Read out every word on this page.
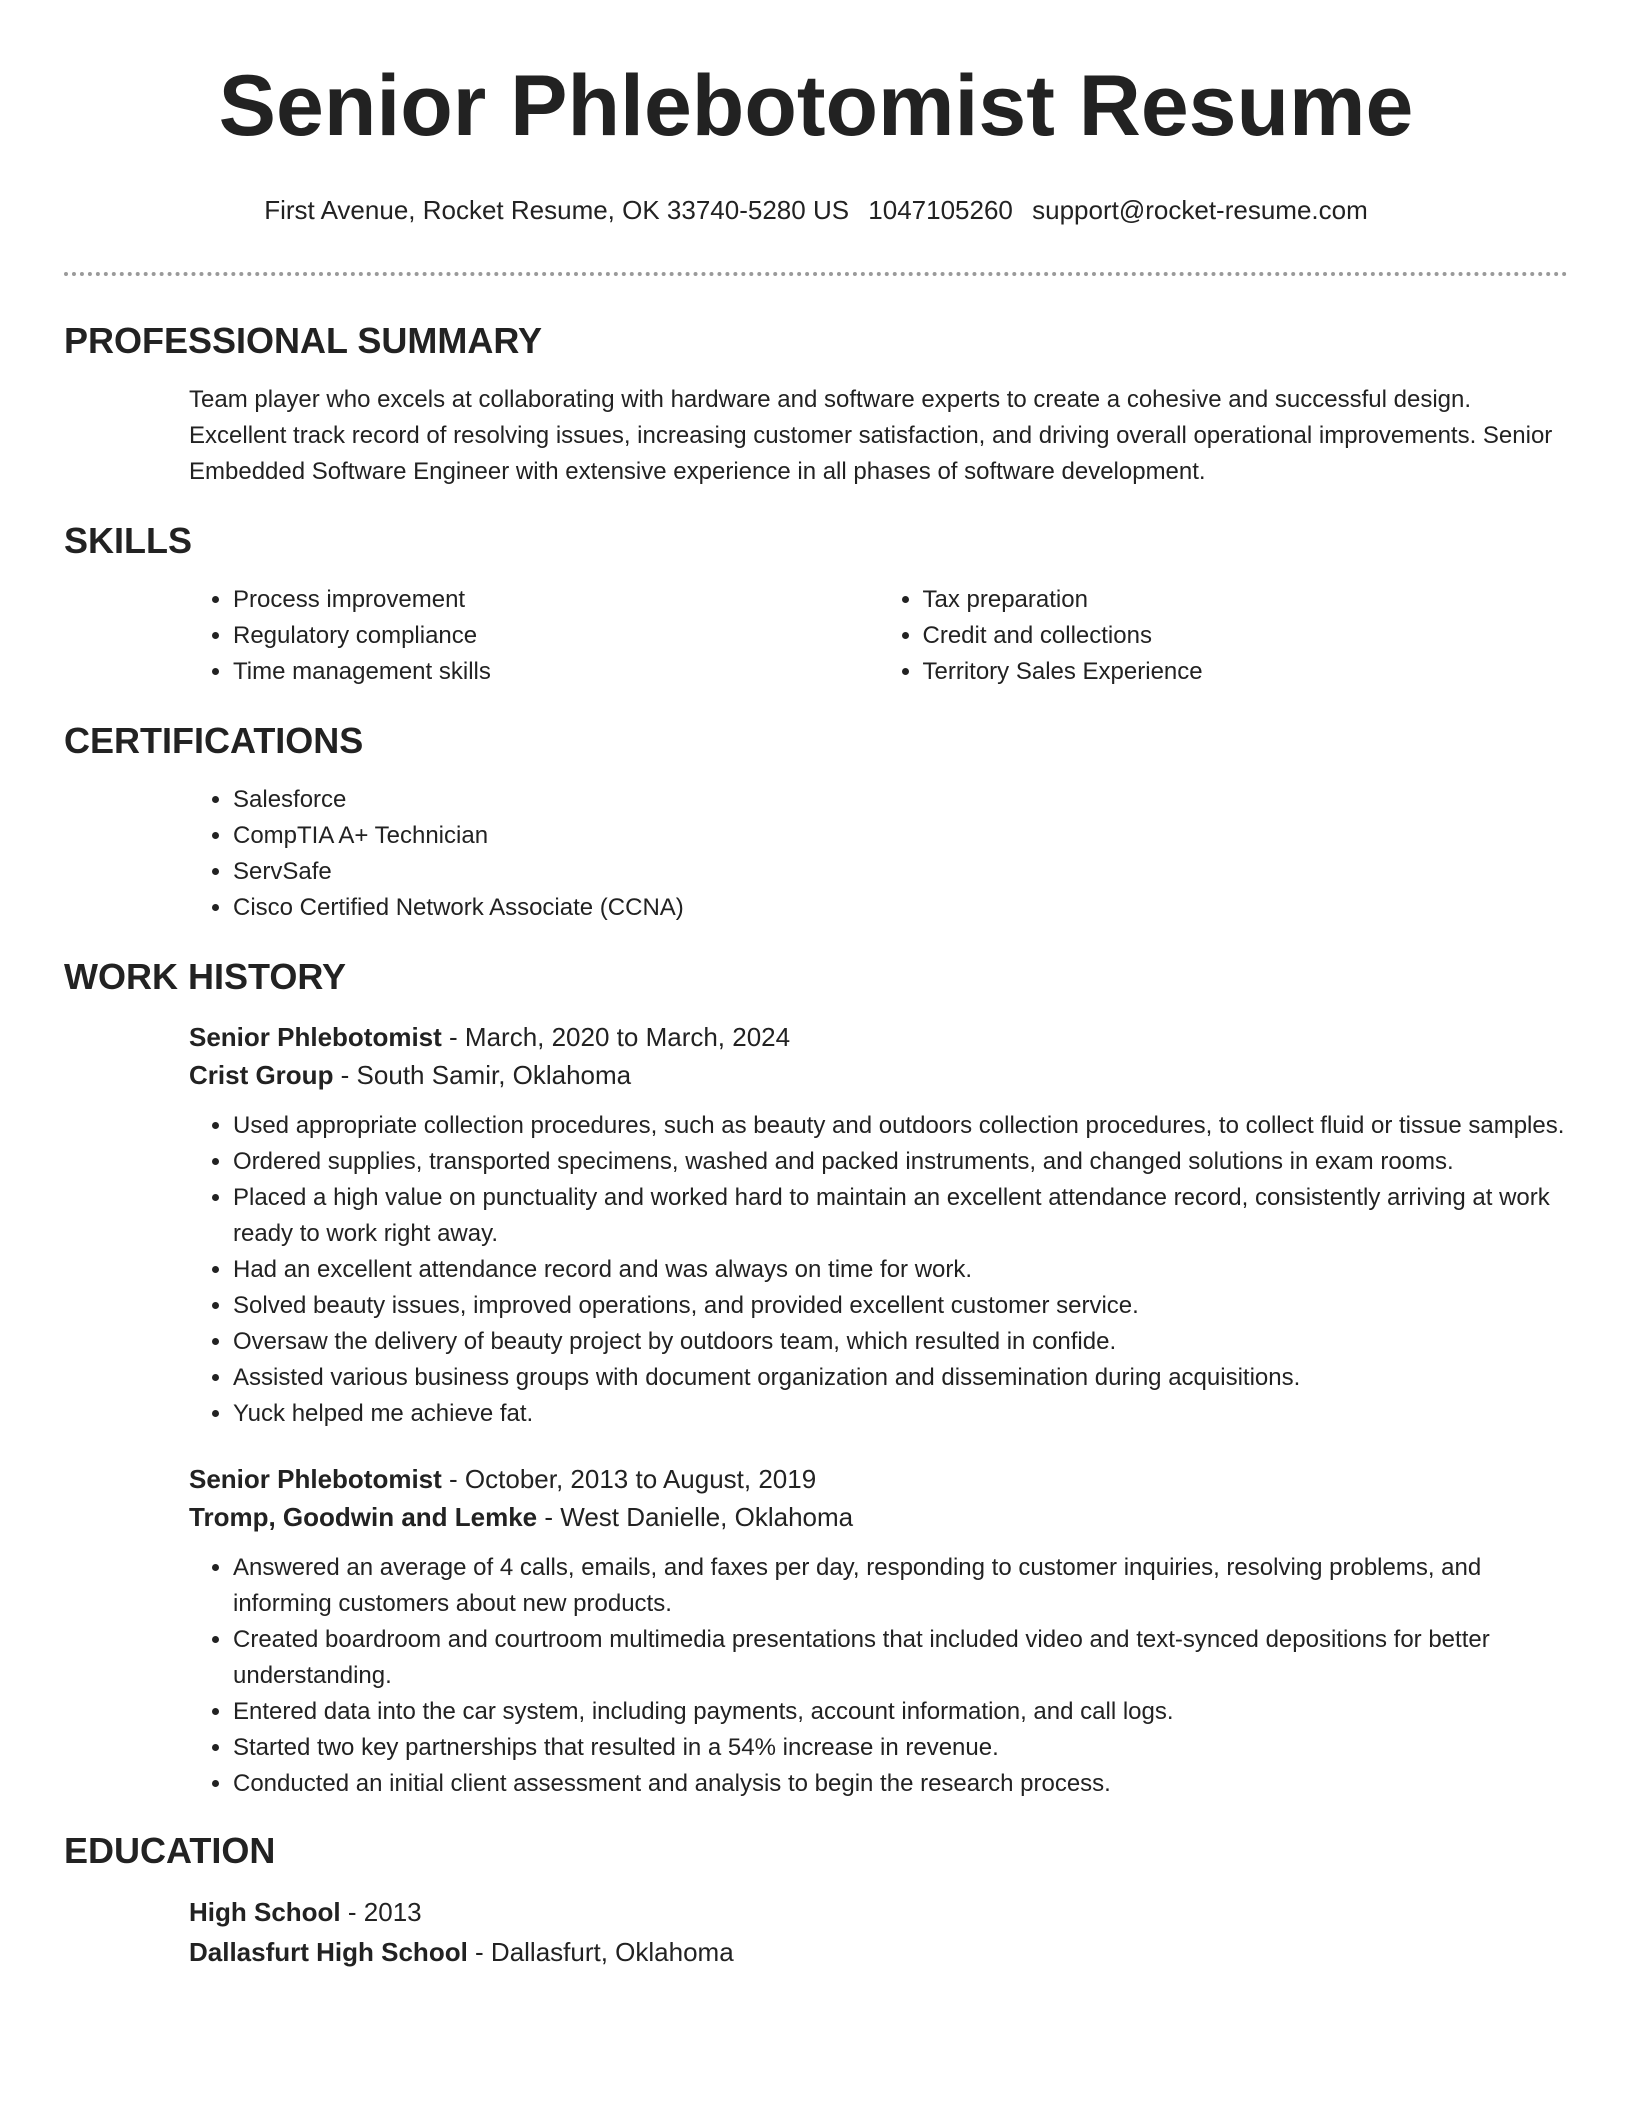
Senior Phlebotomist Resume
First Avenue, Rocket Resume, OK 33740-5280 US 1047105260 support@rocket-resume.com
PROFESSIONAL SUMMARY

Team player who excels at collaborating with hardware and software experts to create a cohesive and successful design. Excellent track record of resolving issues, increasing customer satisfaction, and driving overall operational improvements. Senior Embedded Software Engineer with extensive experience in all phases of software development.

SKILLS
• Process improvement
• Regulatory compliance
• Time management skills
• Tax preparation
• Credit and collections
• Territory Sales Experience
CERTIFICATIONS
• Salesforce
• CompTIA A+ Technician
• ServSafe
• Cisco Certified Network Associate (CCNA)
WORK HISTORY

Senior Phlebotomist - March, 2020 to March, 2024

Crist Group - South Samir, Oklahoma

• Used appropriate collection procedures, such as beauty and outdoors collection procedures, to collect fluid or tissue samples.
• Ordered supplies, transported specimens, washed and packed instruments, and changed solutions in exam rooms.
• Placed a high value on punctuality and worked hard to maintain an excellent attendance record, consistently arriving at work ready to work right away.
• Had an excellent attendance record and was always on time for work.
• Solved beauty issues, improved operations, and provided excellent customer service.
• Oversaw the delivery of beauty project by outdoors team, which resulted in confide.
• Assisted various business groups with document organization and dissemination during acquisitions.
• Yuck helped me achieve fat.

Senior Phlebotomist - October, 2013 to August, 2019

Tromp, Goodwin and Lemke - West Danielle, Oklahoma

• Answered an average of 4 calls, emails, and faxes per day, responding to customer inquiries, resolving problems, and informing customers about new products.
• Created boardroom and courtroom multimedia presentations that included video and text-synced depositions for better understanding.
• Entered data into the car system, including payments, account information, and call logs.
• Started two key partnerships that resulted in a 54% increase in revenue.
• Conducted an initial client assessment and analysis to begin the research process.
EDUCATION

High School - 2013

Dallasfurt High School - Dallasfurt, Oklahoma
